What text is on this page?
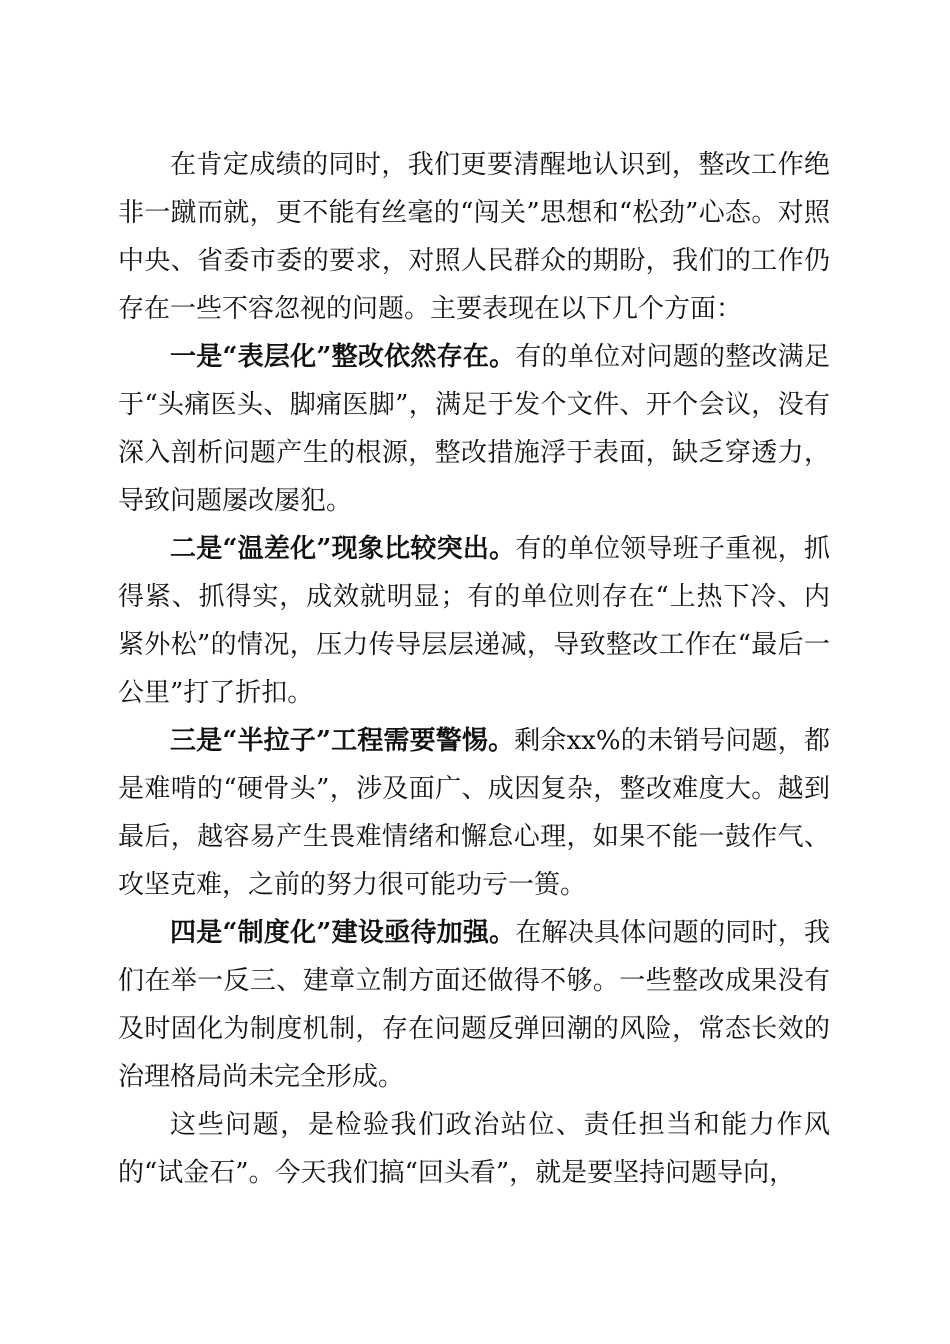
在肯定成绩的同时，我们更要清醒地认识到，整改工作绝非一蹴而就，更不能有丝毫的“闯关”思想和“松劲”心态。对照中央、省委市委的要求，对照人民群众的期盼，我们的工作仍存在一些不容忽视的问题。主要表现在以下几个方面：

一是“表层化”整改依然存在。有的单位对问题的整改满足于“头痛医头、脚痛医脚”，满足于发个文件、开个会议，没有深入剖析问题产生的根源，整改措施浮于表面，缺乏穿透力，导致问题屡改屡犯。

二是“温差化”现象比较突出。有的单位领导班子重视，抓得紧、抓得实，成效就明显；有的单位则存在“上热下冷、内紧外松”的情况，压力传导层层递减，导致整改工作在“最后一公里”打了折扣。

三是“半拉子”工程需要警惕。剩余xx%的未销号问题，都是难啃的“硬骨头”，涉及面广、成因复杂，整改难度大。越到最后，越容易产生畏难情绪和懈怠心理，如果不能一鼓作气、攻坚克难，之前的努力很可能功亏一篑。

四是“制度化”建设亟待加强。在解决具体问题的同时，我们在举一反三、建章立制方面还做得不够。一些整改成果没有及时固化为制度机制，存在问题反弹回潮的风险，常态长效的治理格局尚未完全形成。

这些问题，是检验我们政治站位、责任担当和能力作风的“试金石”。今天我们搞“回头看”，就是要坚持问题导向，
